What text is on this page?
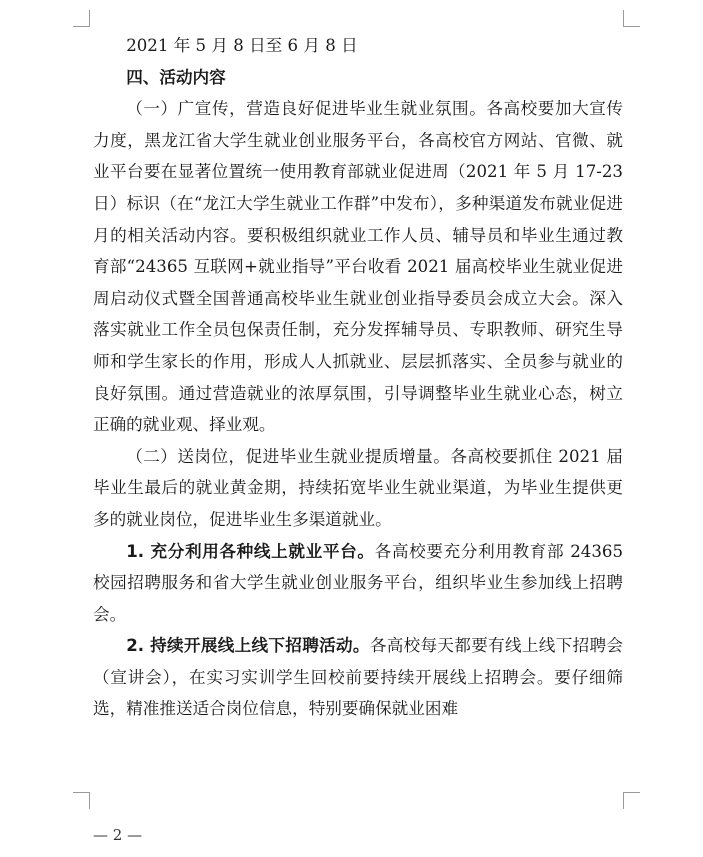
2021 年 5 月 8 日至 6 月 8 日

四、活动内容

（一）广宣传，营造良好促进毕业生就业氛围。各高校要加大宣传力度，黑龙江省大学生就业创业服务平台，各高校官方网站、官微、就业平台要在显著位置统一使用教育部就业促进周（2021 年 5 月 17-23 日）标识（在“龙江大学生就业工作群”中发布），多种渠道发布就业促进月的相关活动内容。要积极组织就业工作人员、辅导员和毕业生通过教育部“24365 互联网+就业指导”平台收看 2021 届高校毕业生就业促进周启动仪式暨全国普通高校毕业生就业创业指导委员会成立大会。深入落实就业工作全员包保责任制，充分发挥辅导员、专职教师、研究生导师和学生家长的作用，形成人人抓就业、层层抓落实、全员参与就业的良好氛围。通过营造就业的浓厚氛围，引导调整毕业生就业心态，树立正确的就业观、择业观。

（二）送岗位，促进毕业生就业提质增量。各高校要抓住 2021 届毕业生最后的就业黄金期，持续拓宽毕业生就业渠道，为毕业生提供更多的就业岗位，促进毕业生多渠道就业。

1. 充分利用各种线上就业平台。各高校要充分利用教育部 24365 校园招聘服务和省大学生就业创业服务平台，组织毕业生参加线上招聘会。

2. 持续开展线上线下招聘活动。各高校每天都要有线上线下招聘会（宣讲会），在实习实训学生回校前要持续开展线上招聘会。要仔细筛选，精准推送适合岗位信息，特别要确保就业困难

— 2 —
